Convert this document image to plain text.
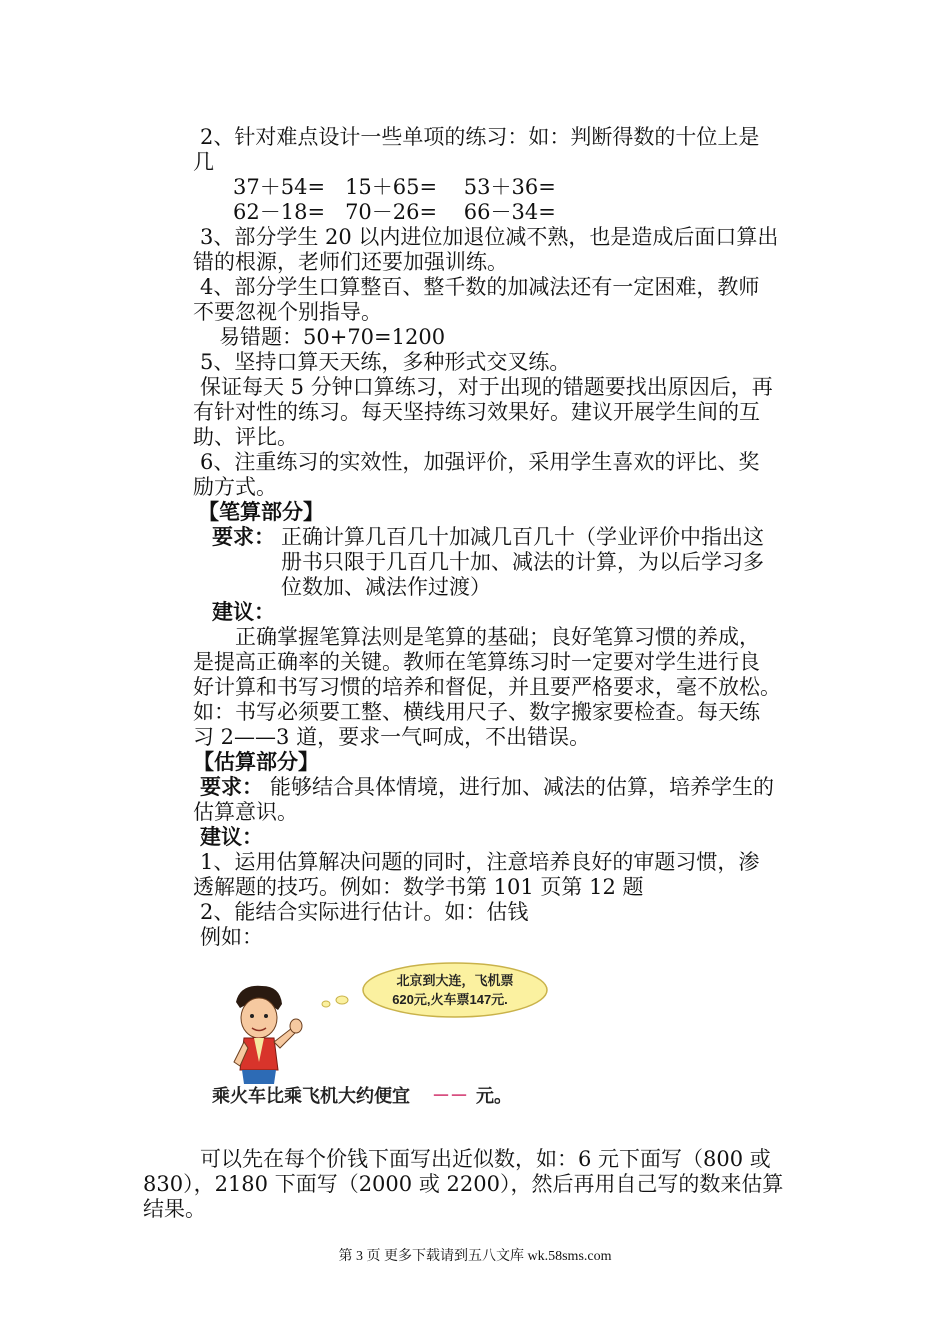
2、针对难点设计一些单项的练习：如：判断得数的十位上是
几
37＋54=   15＋65=    53＋36=
62－18=   70－26=    66－34=
3、部分学生 20 以内进位加退位减不熟，也是造成后面口算出
错的根源，老师们还要加强训练。
4、部分学生口算整百、整千数的加减法还有一定困难，教师
不要忽视个别指导。
易错题：50+70=1200
5、坚持口算天天练，多种形式交叉练。
保证每天 5 分钟口算练习，对于出现的错题要找出原因后，再
有针对性的练习。每天坚持练习效果好。建议开展学生间的互
助、评比。
6、注重练习的实效性，加强评价，采用学生喜欢的评比、奖
励方式。
【笔算部分】
要求： 正确计算几百几十加减几百几十（学业评价中指出这
册书只限于几百几十加、减法的计算，为以后学习多
位数加、减法作过渡）
建议：
正确掌握笔算法则是笔算的基础；良好笔算习惯的养成，
是提高正确率的关键。教师在笔算练习时一定要对学生进行良
好计算和书写习惯的培养和督促，并且要严格要求，毫不放松。
如：书写必须要工整、横线用尺子、数字搬家要检查。每天练
习 2——3 道，要求一气呵成，不出错误。
【估算部分】
要求： 能够结合具体情境，进行加、减法的估算，培养学生的
估算意识。
建议：
1、运用估算解决问题的同时，注意培养良好的审题习惯，渗
透解题的技巧。例如：数学书第 101 页第 12 题
2、能结合实际进行估计。如：估钱
例如：
北京到大连，飞机票
620元,火车票147元.
乘火车比乘飞机大约便宜 －－ 元。
可以先在每个价钱下面写出近似数，如：6 元下面写（800 或
830），2180 下面写（2000 或 2200），然后再用自己写的数来估算
结果。
第 3 页 更多下载请到五八文库 wk.58sms.com
